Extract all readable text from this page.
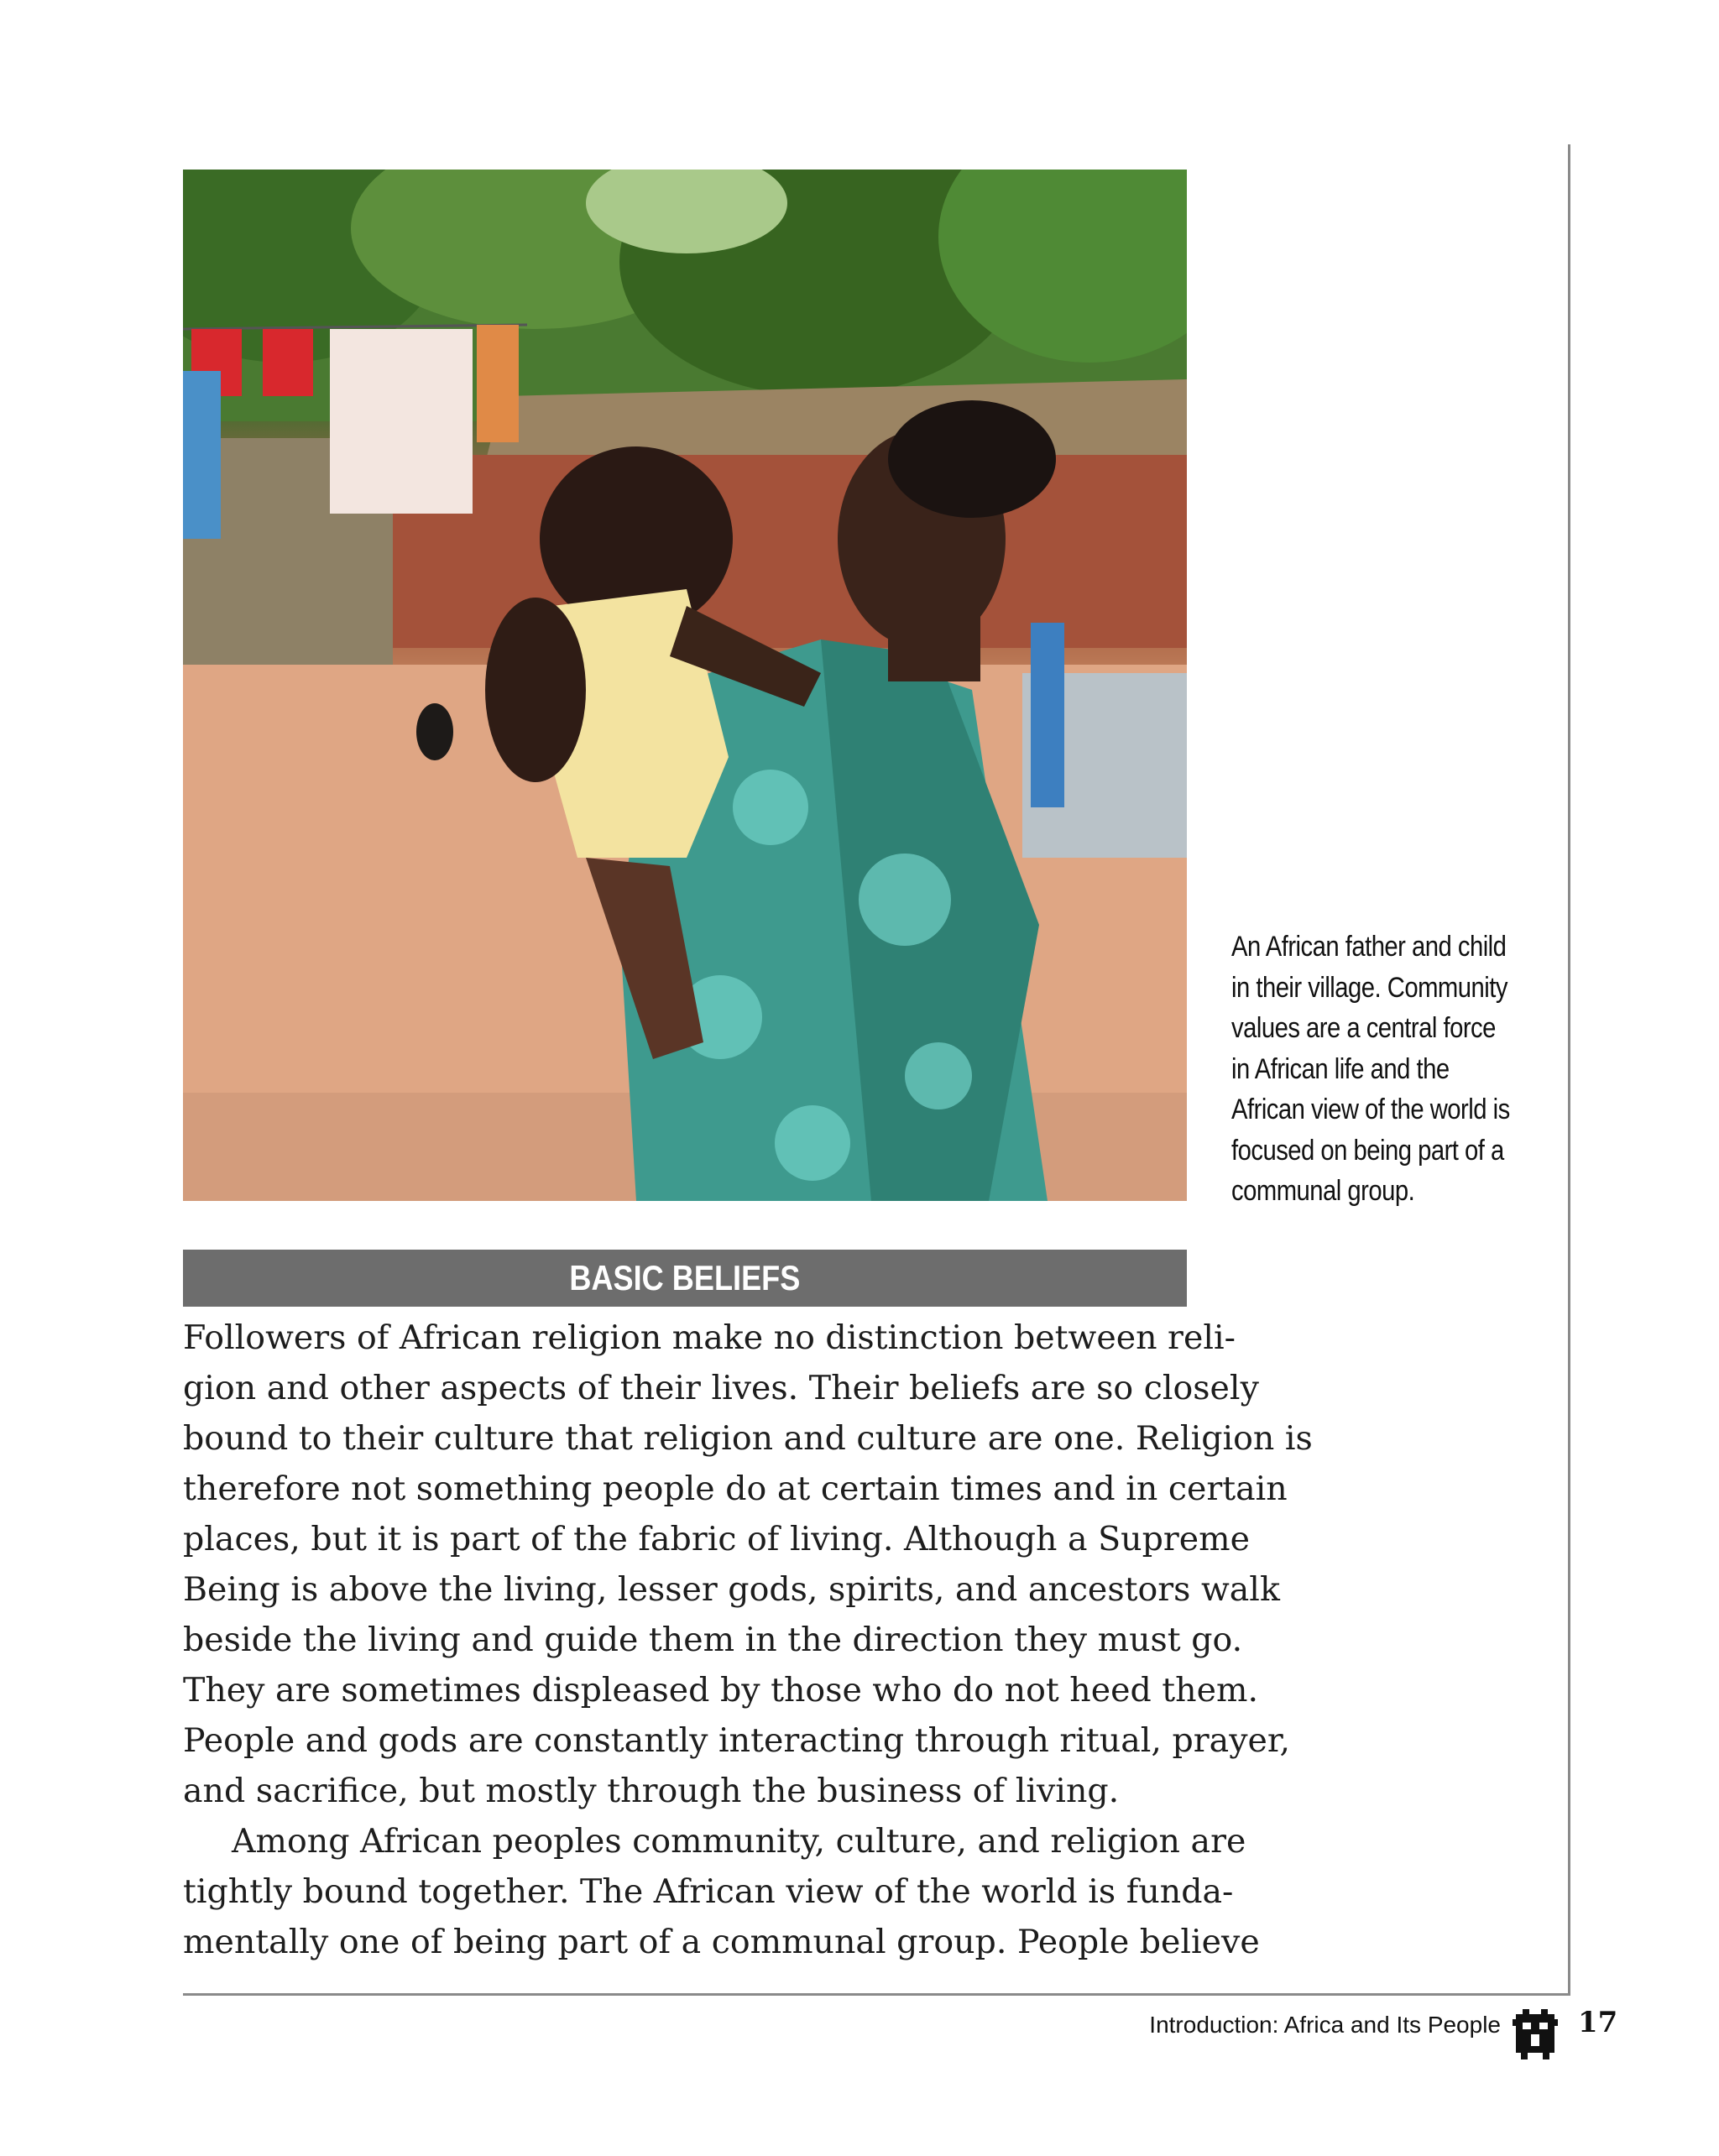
An African father and child
in their village. Community
values are a central force
in African life and the
African view of the world is
focused on being part of a
communal group.
BASIC BELIEFS
Followers of African religion make no distinction between reli-
gion and other aspects of their lives. Their beliefs are so closely
bound to their culture that religion and culture are one. Religion is
therefore not something people do at certain times and in certain
places, but it is part of the fabric of living. Although a Supreme
Being is above the living, lesser gods, spirits, and ancestors walk
beside the living and guide them in the direction they must go.
They are sometimes displeased by those who do not heed them.
People and gods are constantly interacting through ritual, prayer,
and sacrifice, but mostly through the business of living.
Among African peoples community, culture, and religion are
tightly bound together. The African view of the world is funda-
mentally one of being part of a communal group. People believe
Introduction: Africa and Its People	17
